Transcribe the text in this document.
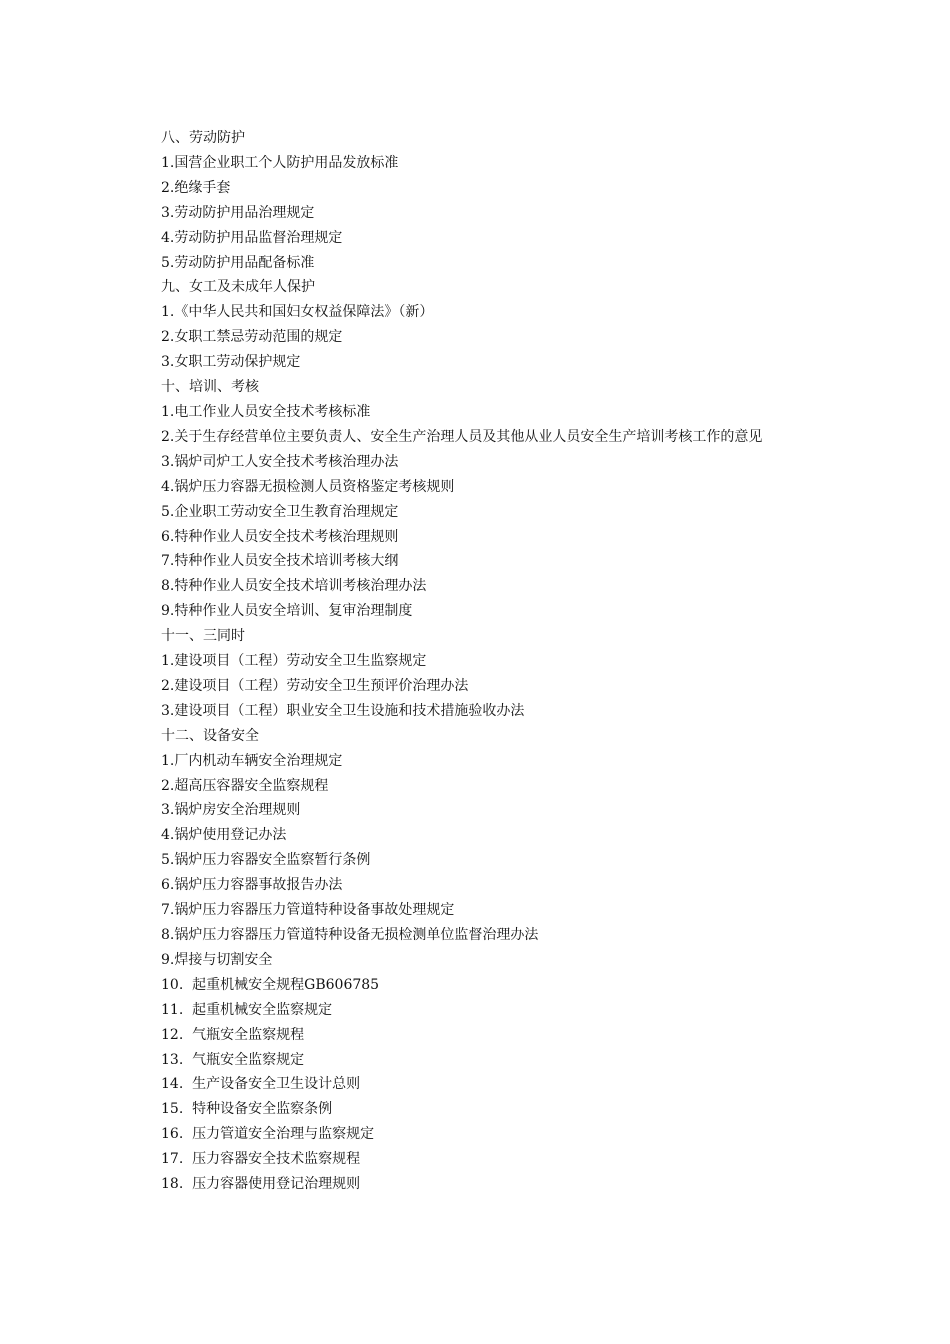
八、劳动防护

1.国营企业职工个人防护用品发放标准

2.绝缘手套

3.劳动防护用品治理规定

4.劳动防护用品监督治理规定

5.劳动防护用品配备标准

九、女工及未成年人保护

1.《中华人民共和国妇女权益保障法》（新）

2.女职工禁忌劳动范围的规定

3.女职工劳动保护规定

十、培训、考核

1.电工作业人员安全技术考核标准

2.关于生存经营单位主要负责人、安全生产治理人员及其他从业人员安全生产培训考核工作的意见

3.锅炉司炉工人安全技术考核治理办法

4.锅炉压力容器无损检测人员资格鉴定考核规则

5.企业职工劳动安全卫生教育治理规定

6.特种作业人员安全技术考核治理规则

7.特种作业人员安全技术培训考核大纲

8.特种作业人员安全技术培训考核治理办法

9.特种作业人员安全培训、复审治理制度

十一、三同时

1.建设项目（工程）劳动安全卫生监察规定

2.建设项目（工程）劳动安全卫生预评价治理办法

3.建设项目（工程）职业安全卫生设施和技术措施验收办法

十二、设备安全

1.厂内机动车辆安全治理规定

2.超高压容器安全监察规程

3.锅炉房安全治理规则

4.锅炉使用登记办法

5.锅炉压力容器安全监察暂行条例

6.锅炉压力容器事故报告办法

7.锅炉压力容器压力管道特种设备事故处理规定

8.锅炉压力容器压力管道特种设备无损检测单位监督治理办法

9.焊接与切割安全

10.  起重机械安全规程GB606785

11.  起重机械安全监察规定

12.  气瓶安全监察规程

13.  气瓶安全监察规定

14.  生产设备安全卫生设计总则

15.  特种设备安全监察条例

16.  压力管道安全治理与监察规定

17.  压力容器安全技术监察规程

18.  压力容器使用登记治理规则
